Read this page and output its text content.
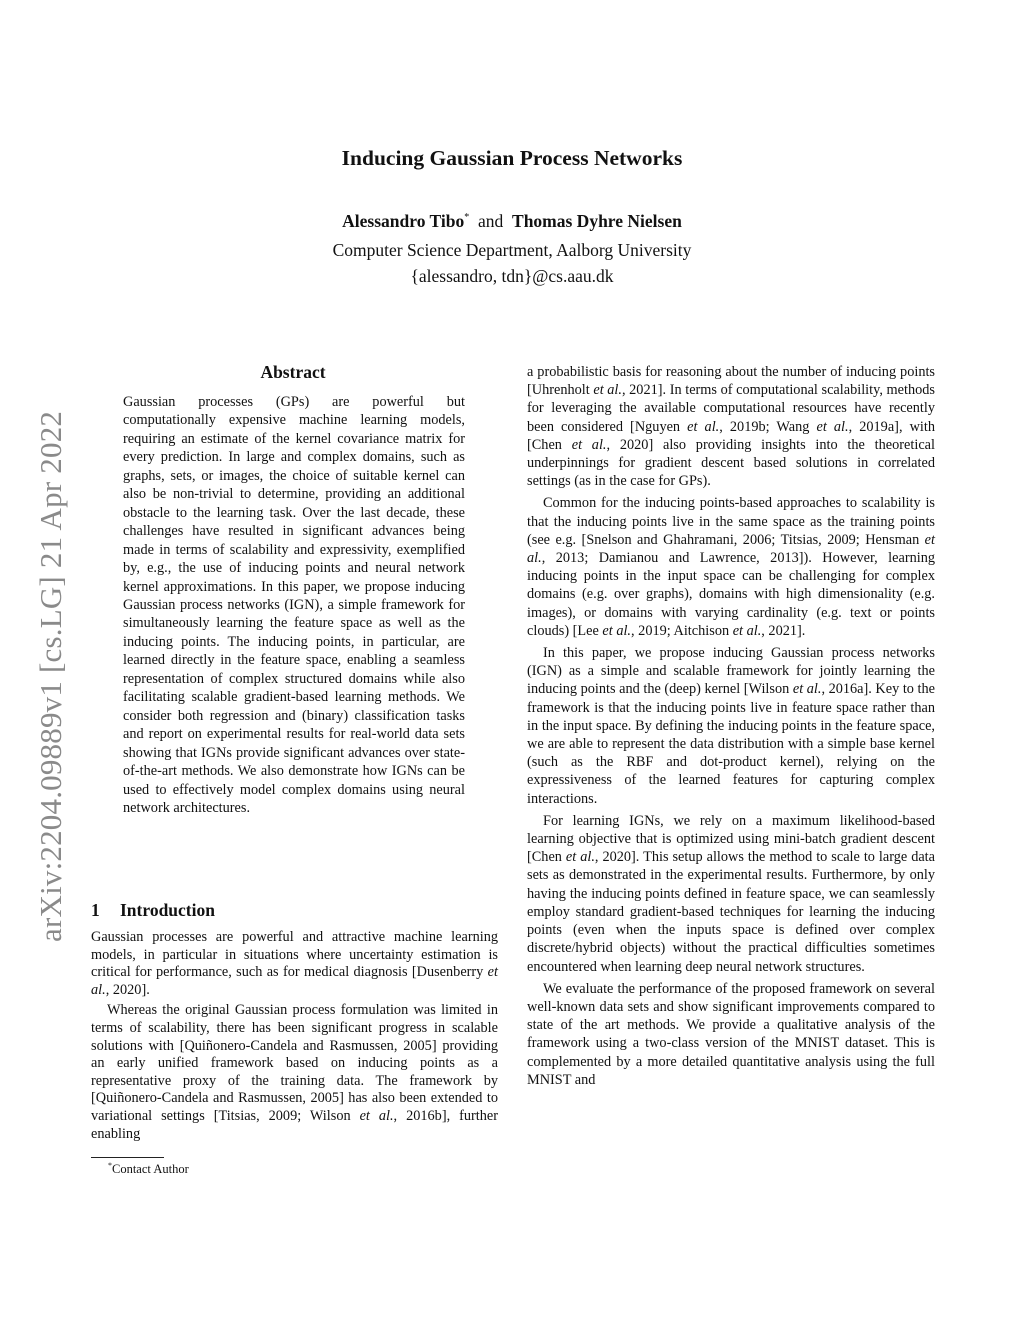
Inducing Gaussian Process Networks
Alessandro Tibo* and Thomas Dyhre Nielsen
Computer Science Department, Aalborg University
{alessandro, tdn}@cs.aau.dk
arXiv:2204.09889v1 [cs.LG] 21 Apr 2022
Abstract
Gaussian processes (GPs) are powerful but computationally expensive machine learning models, requiring an estimate of the kernel covariance matrix for every prediction. In large and complex domains, such as graphs, sets, or images, the choice of suitable kernel can also be non-trivial to determine, providing an additional obstacle to the learning task. Over the last decade, these challenges have resulted in significant advances being made in terms of scalability and expressivity, exemplified by, e.g., the use of inducing points and neural network kernel approximations. In this paper, we propose inducing Gaussian process networks (IGN), a simple framework for simultaneously learning the feature space as well as the inducing points. The inducing points, in particular, are learned directly in the feature space, enabling a seamless representation of complex structured domains while also facilitating scalable gradient-based learning methods. We consider both regression and (binary) classification tasks and report on experimental results for real-world data sets showing that IGNs provide significant advances over state-of-the-art methods. We also demonstrate how IGNs can be used to effectively model complex domains using neural network architectures.
1 Introduction

Gaussian processes are powerful and attractive machine learning models, in particular in situations where uncertainty estimation is critical for performance, such as for medical diagnosis [Dusenberry et al., 2020].

Whereas the original Gaussian process formulation was limited in terms of scalability, there has been significant progress in scalable solutions with [Quiñonero-Candela and Rasmussen, 2005] providing an early unified framework based on inducing points as a representative proxy of the training data. The framework by [Quiñonero-Candela and Rasmussen, 2005] has also been extended to variational settings [Titsias, 2009; Wilson et al., 2016b], further enabling

*Contact Author

a probabilistic basis for reasoning about the number of inducing points [Uhrenholt et al., 2021]. In terms of computational scalability, methods for leveraging the available computational resources have recently been considered [Nguyen et al., 2019b; Wang et al., 2019a], with [Chen et al., 2020] also providing insights into the theoretical underpinnings for gradient descent based solutions in correlated settings (as in the case for GPs).

Common for the inducing points-based approaches to scalability is that the inducing points live in the same space as the training points (see e.g. [Snelson and Ghahramani, 2006; Titsias, 2009; Hensman et al., 2013; Damianou and Lawrence, 2013]). However, learning inducing points in the input space can be challenging for complex domains (e.g. over graphs), domains with high dimensionality (e.g. images), or domains with varying cardinality (e.g. text or points clouds) [Lee et al., 2019; Aitchison et al., 2021].

In this paper, we propose inducing Gaussian process networks (IGN) as a simple and scalable framework for jointly learning the inducing points and the (deep) kernel [Wilson et al., 2016a]. Key to the framework is that the inducing points live in feature space rather than in the input space. By defining the inducing points in the feature space, we are able to represent the data distribution with a simple base kernel (such as the RBF and dot-product kernel), relying on the expressiveness of the learned features for capturing complex interactions.

For learning IGNs, we rely on a maximum likelihood-based learning objective that is optimized using mini-batch gradient descent [Chen et al., 2020]. This setup allows the method to scale to large data sets as demonstrated in the experimental results. Furthermore, by only having the inducing points defined in feature space, we can seamlessly employ standard gradient-based techniques for learning the inducing points (even when the inputs space is defined over complex discrete/hybrid objects) without the practical difficulties sometimes encountered when learning deep neural network structures.

We evaluate the performance of the proposed framework on several well-known data sets and show significant improvements compared to state of the art methods. We provide a qualitative analysis of the framework using a two-class version of the MNIST dataset. This is complemented by a more detailed quantitative analysis using the full MNIST and
